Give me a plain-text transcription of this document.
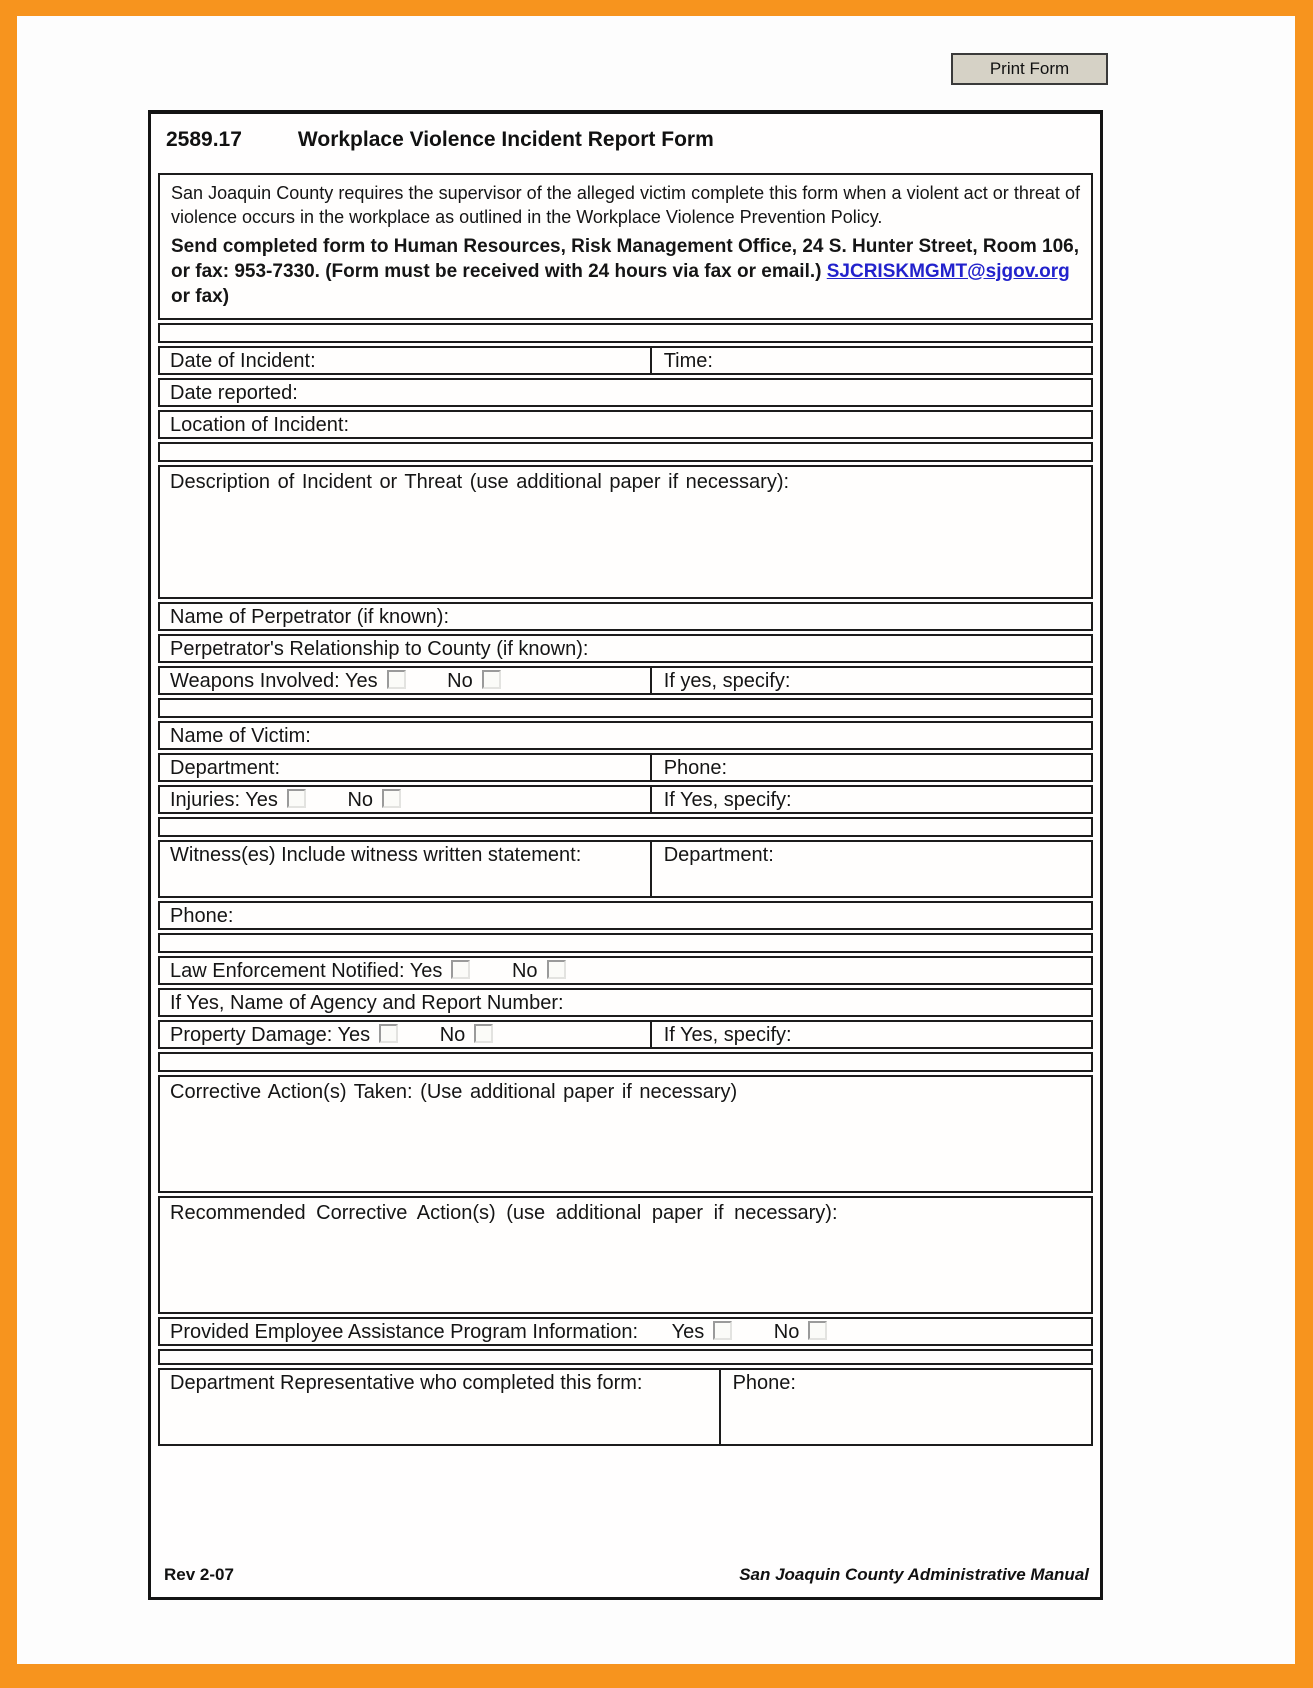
Print Form
2589.17	Workplace Violence Incident Report Form

San Joaquin County requires the supervisor of the alleged victim complete this form when a violent act or threat of violence occurs in the workplace as outlined in the Workplace Violence Prevention Policy.

Send completed form to Human Resources, Risk Management Office, 24 S. Hunter Street, Room 106, or fax: 953-7330. (Form must be received with 24 hours via fax or email.) SJCRISKMGMT@sjgov.org or fax)

Date of Incident:	Time:
Date reported:
Location of Incident:
Description of Incident or Threat (use additional paper if necessary):
Name of Perpetrator (if known):
Perpetrator's Relationship to County (if known):
Weapons Involved: Yes	No	If yes, specify:
Name of Victim:
Department:	Phone:
Injuries: Yes	No	If Yes, specify:
Witness(es) Include witness written statement:	Department:
Phone:
Law Enforcement Notified: Yes	No
If Yes, Name of Agency and Report Number:
Property Damage: Yes	No	If Yes, specify:
Corrective Action(s) Taken: (Use additional paper if necessary)
Recommended Corrective Action(s) (use additional paper if necessary):
Provided Employee Assistance Program Information: Yes	No
Department Representative who completed this form:	Phone:
Rev 2-07	San Joaquin County Administrative Manual
